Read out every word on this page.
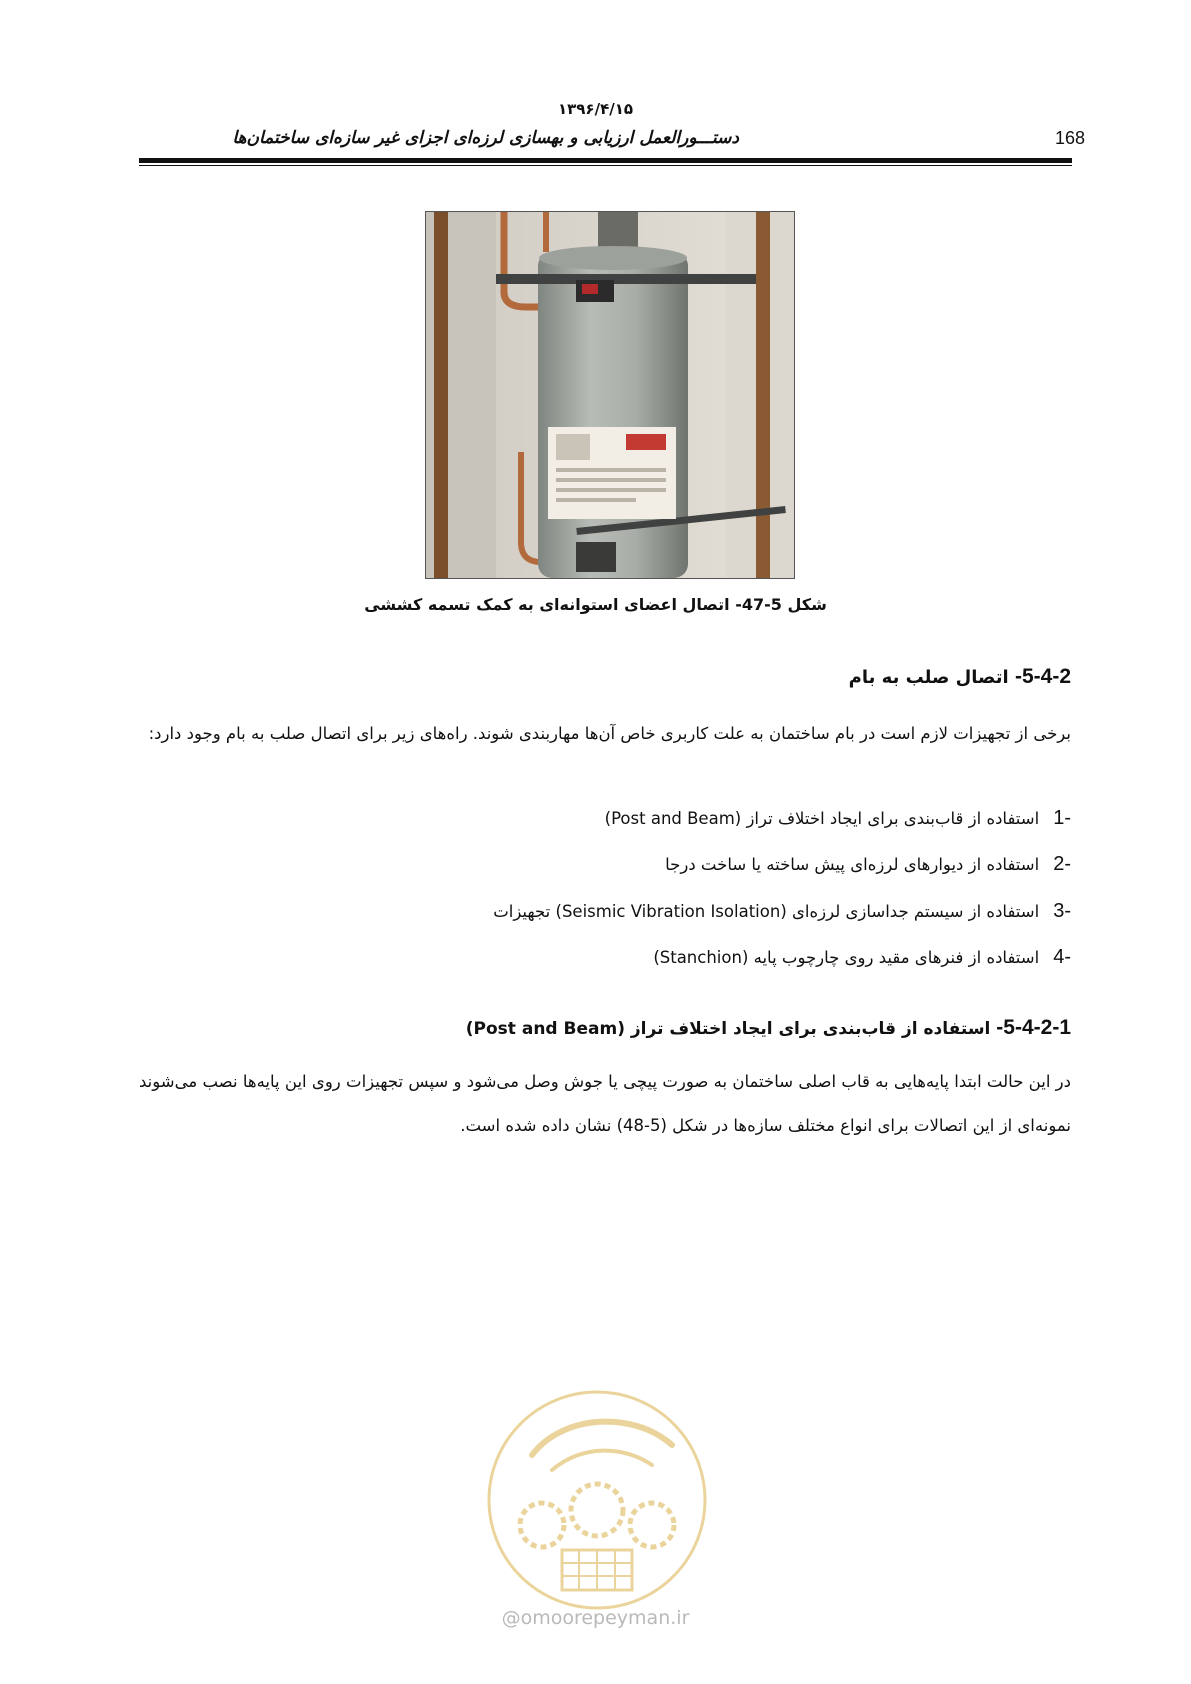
۱۳۹۶/۴/۱۵
دستـــورالعمل ارزیابی و بهسازی لرزه‌ای اجزای غیر سازه‌ای ساختمان‌ها	168
شکل 5-47- اتصال اعضای استوانه‌ای به کمک تسمه کششی
5-4-2- اتصال صلب به بام
برخی از تجهیزات لازم است در بام ساختمان به علت کاربری خاص آن‌ها مهاربندی شوند. راه‌های زیر برای اتصال صلب به بام وجود دارد:
-1استفاده از قاب‌بندی برای ایجاد اختلاف تراز (Post and Beam)
-2استفاده از دیوارهای لرزه‌ای پیش ساخته یا ساخت درجا
-3استفاده از سیستم جداسازی لرزه‌ای (Seismic Vibration Isolation) تجهیزات
-4استفاده از فنرهای مقید روی چارچوب پایه (Stanchion)
5-4-2-1- استفاده از قاب‌بندی برای ایجاد اختلاف تراز (Post and Beam)
در این حالت ابتدا پایه‌هایی به قاب اصلی ساختمان به صورت پیچی یا جوش وصل می‌شود و سپس تجهیزات روی این پایه‌ها نصب می‌شوند نمونه‌ای از این اتصالات برای انواع مختلف سازه‌ها در شکل (5-48) نشان داده شده است.
@omoorepeyman.ir
